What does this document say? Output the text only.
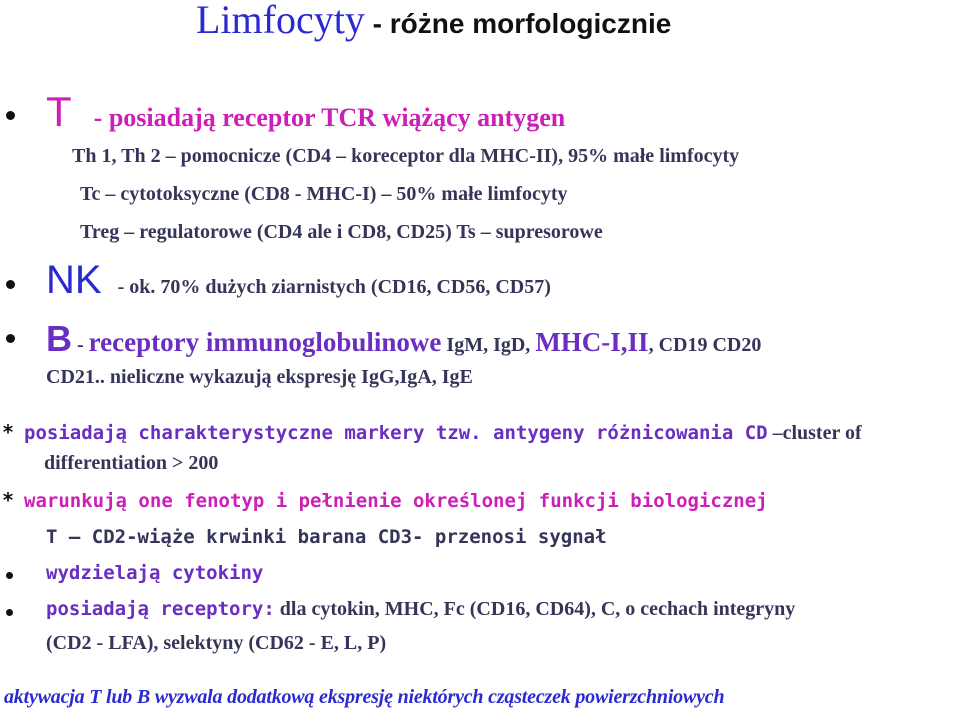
Limfocyty - różne morfologicznie
T - posiadają receptor TCR wiążący antygen
Th 1, Th 2 – pomocnicze (CD4 – koreceptor dla MHC-II), 95% małe limfocyty
Tc – cytotoksyczne (CD8 - MHC-I) – 50% małe limfocyty
Treg – regulatorowe (CD4 ale i CD8, CD25) Ts – supresorowe
NK - ok. 70% dużych ziarnistych (CD16, CD56, CD57)
B - receptory immunoglobulinowe IgM, IgD, MHC-I,II, CD19 CD20
CD21.. nieliczne wykazują ekspresję IgG,IgA, IgE
* posiadają charakterystyczne markery tzw. antygeny różnicowania CD –cluster of
differentiation > 200
* warunkują one fenotyp i pełnienie określonej funkcji biologicznej
T – CD2-wiąże krwinki barana CD3- przenosi sygnał
wydzielają cytokiny
posiadają receptory: dla cytokin, MHC, Fc (CD16, CD64), C, o cechach integryny
(CD2 - LFA), selektyny (CD62 - E, L, P)
aktywacja T lub B wyzwala dodatkową ekspresję niektórych cząsteczek powierzchniowych
